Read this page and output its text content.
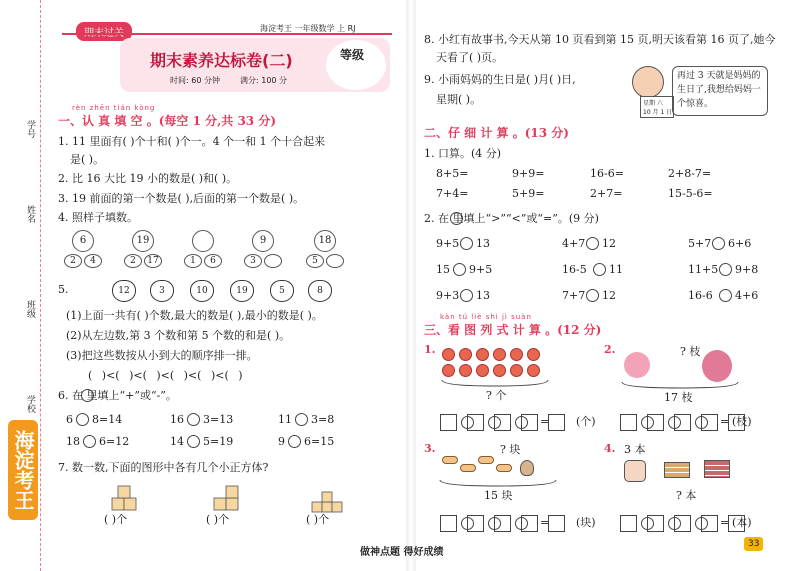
学号
姓名
班级
学校
海淀考王
海淀考王 一年级数学 上 RJ
期末素养达标卷(二)
时间: 60 分钟	满分: 100 分
等级
rèn zhēn tián kòng
一、认 真 填 空 。(每空 1 分,共 33 分)
1. 11 里面有( )个十和( )个一。4 个一和 1 个十合起来
是( )。
2. 比 16 大比 19 小的数是( )和( )。
3. 19 前面的第一个数是( ),后面的第一个数是( )。
4. 照样子填数。
6
2	4
19
2	17	1	6
9
3
18
5
5.	12	3	10	19	5	8
(1)上面一共有( )个数,最大的数是( ),最小的数是( )。
(2)从左边数,第 3 个数和第 5 个数的和是( )。
(3)把这些数按从小到大的顺序排一排。
( )<( )<( )<( )<( )<( )
6. 在 里填上“+”或“-”。
6 8=14	16 3=13	11 3=8
18 6=12	14 5=19	9 6=15
7. 数一数,下面的图形中各有几个小正方体?
( )个	( )个	( )个
8. 小红有故事书,今天从第 10 页看到第 15 页,明天该看第 16 页了,她今
天看了( )页。
9. 小雨妈妈的生日是( )月( )日,
星期( )。	星期 六
10 月 1 日
再过 3 天就是妈妈的生日了,我想给妈妈一个惊喜。
二、仔 细 计 算 。(13 分)
1. 口算。(4 分)
8+5=	9+9=	16-6=	2+8-7=
7+4=	5+9=	2+7=	15-5-6=
2. 在 里填上“>”“<”或“=”。(9 分)
9+5 13	4+7 12	5+7 6+6
15 9+5	16-5 11	11+5 9+8
9+3 13	7+7 12	16-6 4+6
kàn tú liè shì jì suàn
三、看 图 列 式 计 算 。(12 分)
1.
? 个
2.	? 枝
17 枝
= (个)	= (枝)
3.	? 块
15 块
4. 3 本
? 本
= (块)	= (本)
做神点题 得好成绩
33
